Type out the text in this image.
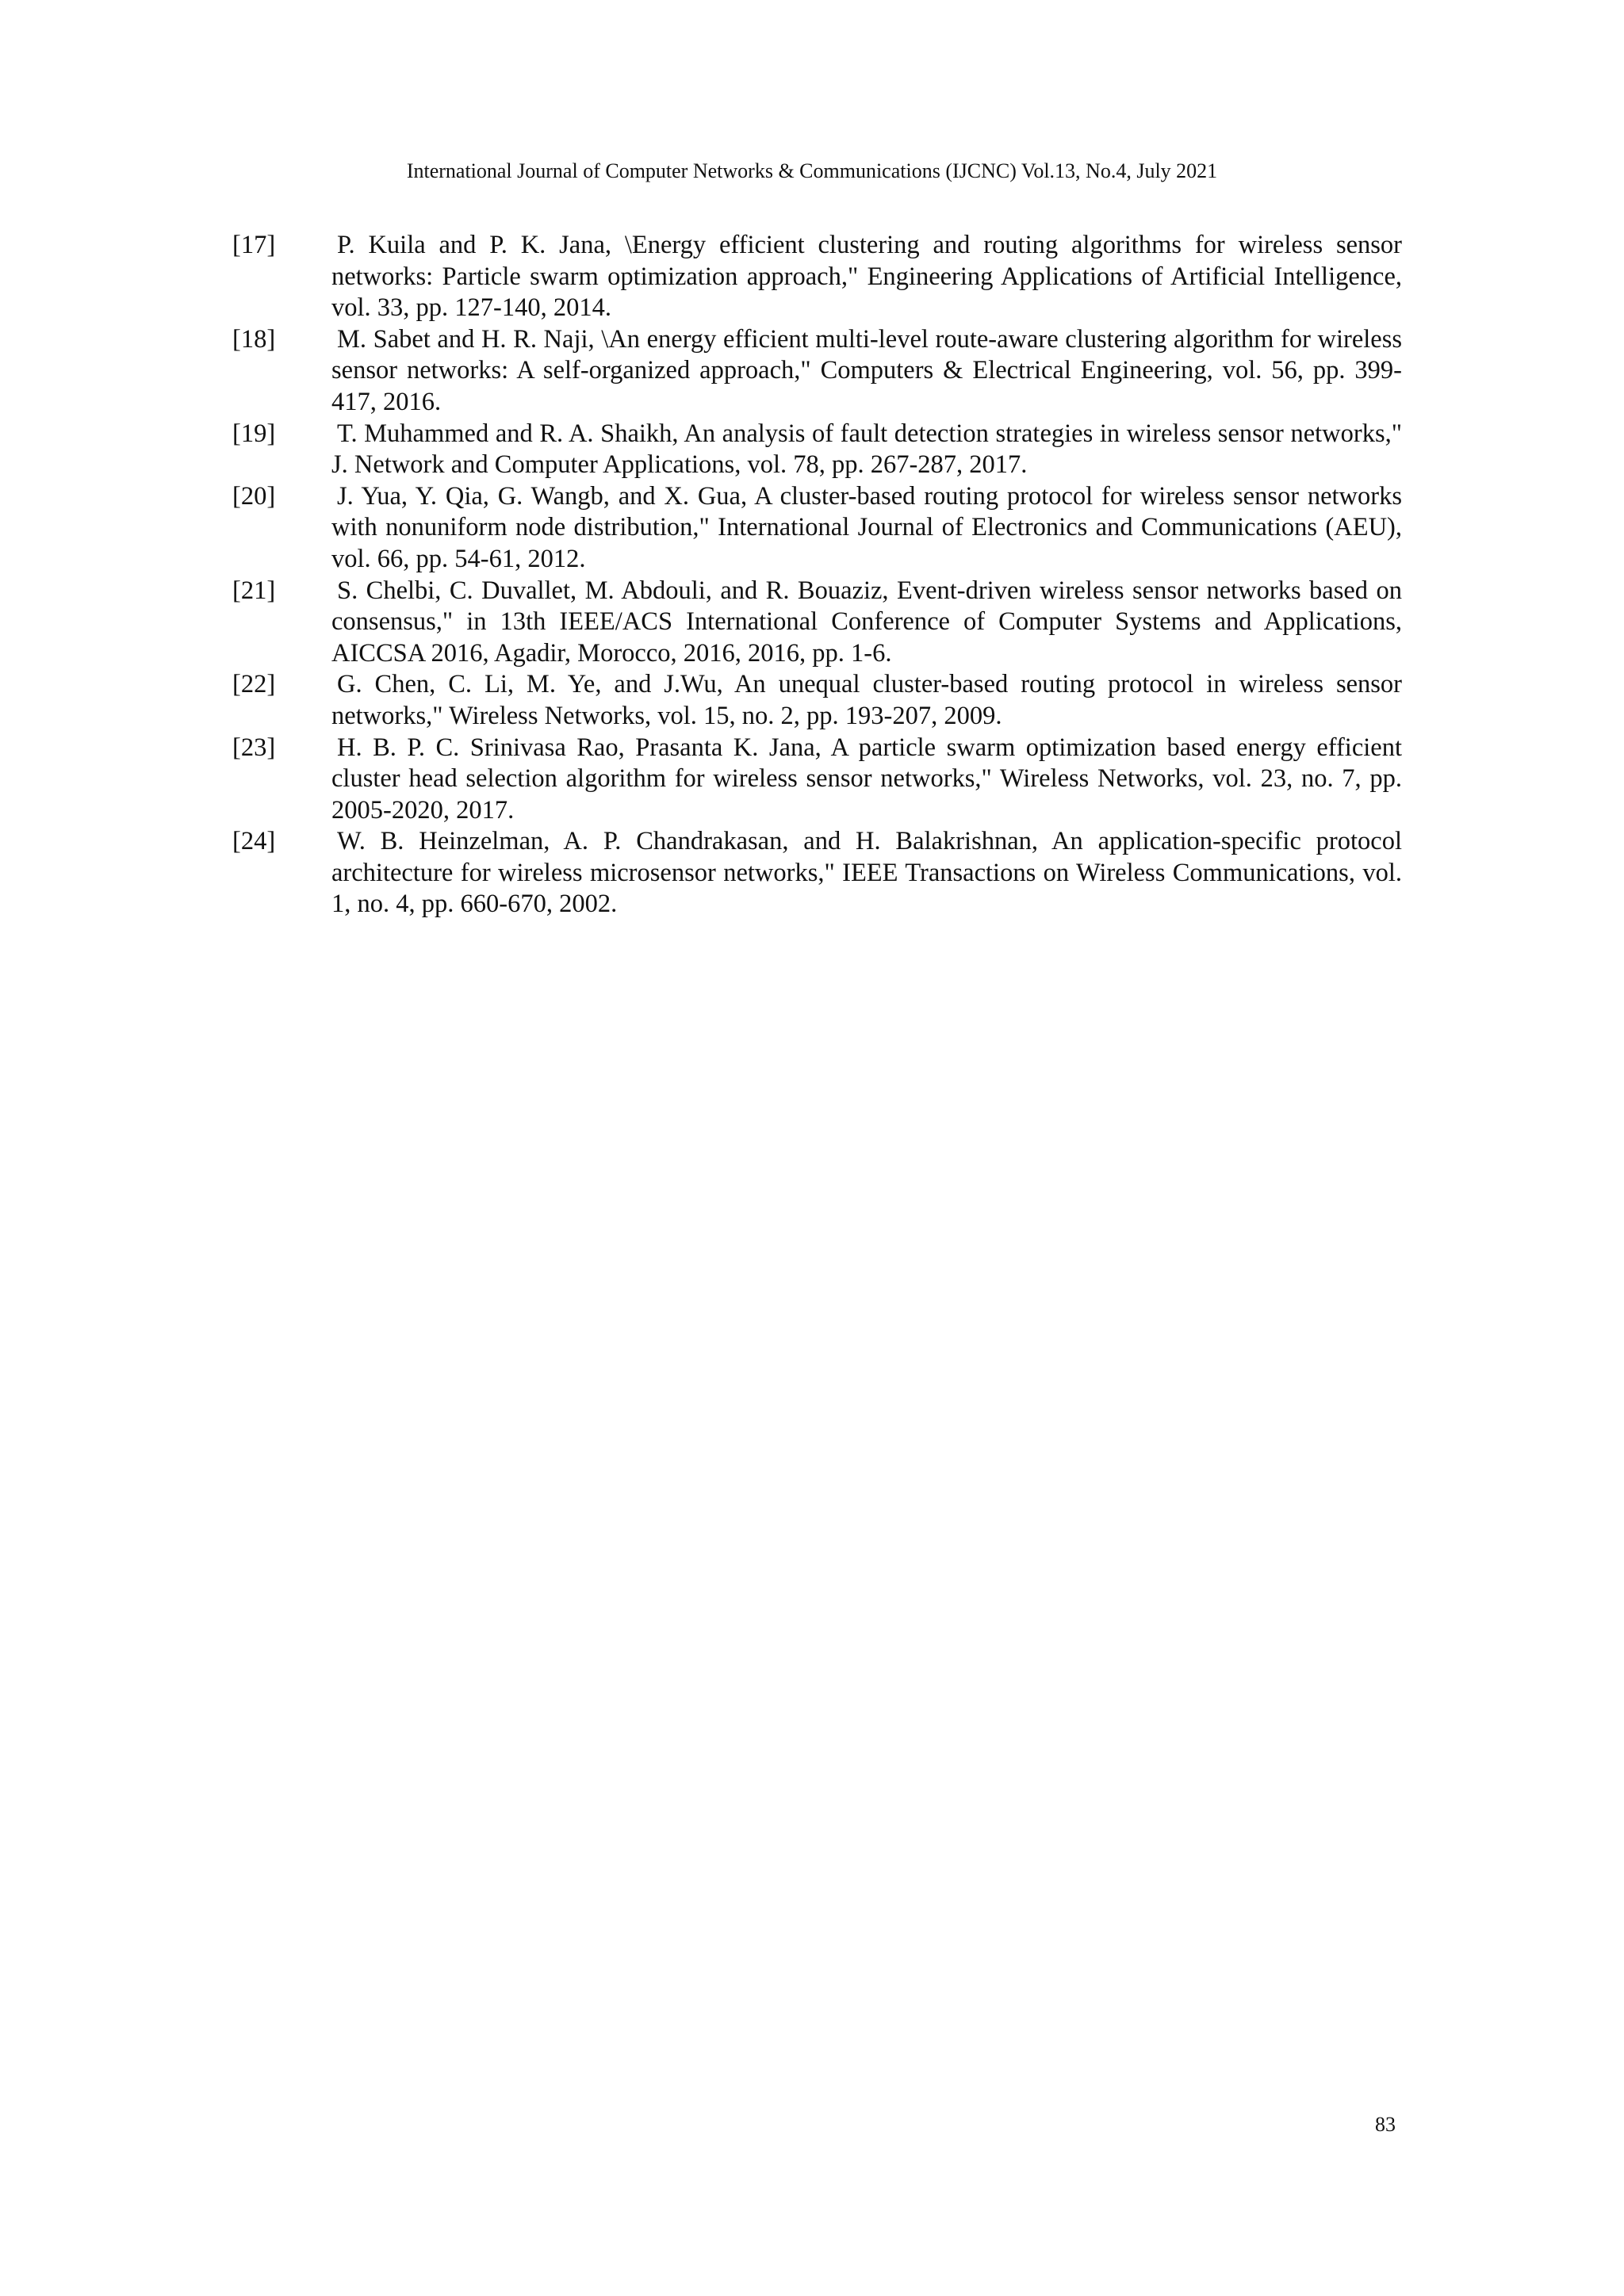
International Journal of Computer Networks & Communications (IJCNC) Vol.13, No.4, July 2021
[17] P. Kuila and P. K. Jana, \Energy efficient clustering and routing algorithms for wireless sensor networks: Particle swarm optimization approach," Engineering Applications of Artificial Intelligence, vol. 33, pp. 127-140, 2014.
[18] M. Sabet and H. R. Naji, \An energy efficient multi-level route-aware clustering algorithm for wireless sensor networks: A self-organized approach," Computers & Electrical Engineering, vol. 56, pp. 399-417, 2016.
[19] T. Muhammed and R. A. Shaikh, An analysis of fault detection strategies in wireless sensor networks," J. Network and Computer Applications, vol. 78, pp. 267-287, 2017.
[20] J. Yua, Y. Qia, G. Wangb, and X. Gua, A cluster-based routing protocol for wireless sensor networks with nonuniform node distribution," International Journal of Electronics and Communications (AEU), vol. 66, pp. 54-61, 2012.
[21] S. Chelbi, C. Duvallet, M. Abdouli, and R. Bouaziz, Event-driven wireless sensor networks based on consensus," in 13th IEEE/ACS International Conference of Computer Systems and Applications, AICCSA 2016, Agadir, Morocco, 2016, 2016, pp. 1-6.
[22] G. Chen, C. Li, M. Ye, and J.Wu, An unequal cluster-based routing protocol in wireless sensor networks," Wireless Networks, vol. 15, no. 2, pp. 193-207, 2009.
[23] H. B. P. C. Srinivasa Rao, Prasanta K. Jana, A particle swarm optimization based energy efficient cluster head selection algorithm for wireless sensor networks," Wireless Networks, vol. 23, no. 7, pp. 2005-2020, 2017.
[24] W. B. Heinzelman, A. P. Chandrakasan, and H. Balakrishnan, An application-specific protocol architecture for wireless microsensor networks," IEEE Transactions on Wireless Communications, vol. 1, no. 4, pp. 660-670, 2002.
83
